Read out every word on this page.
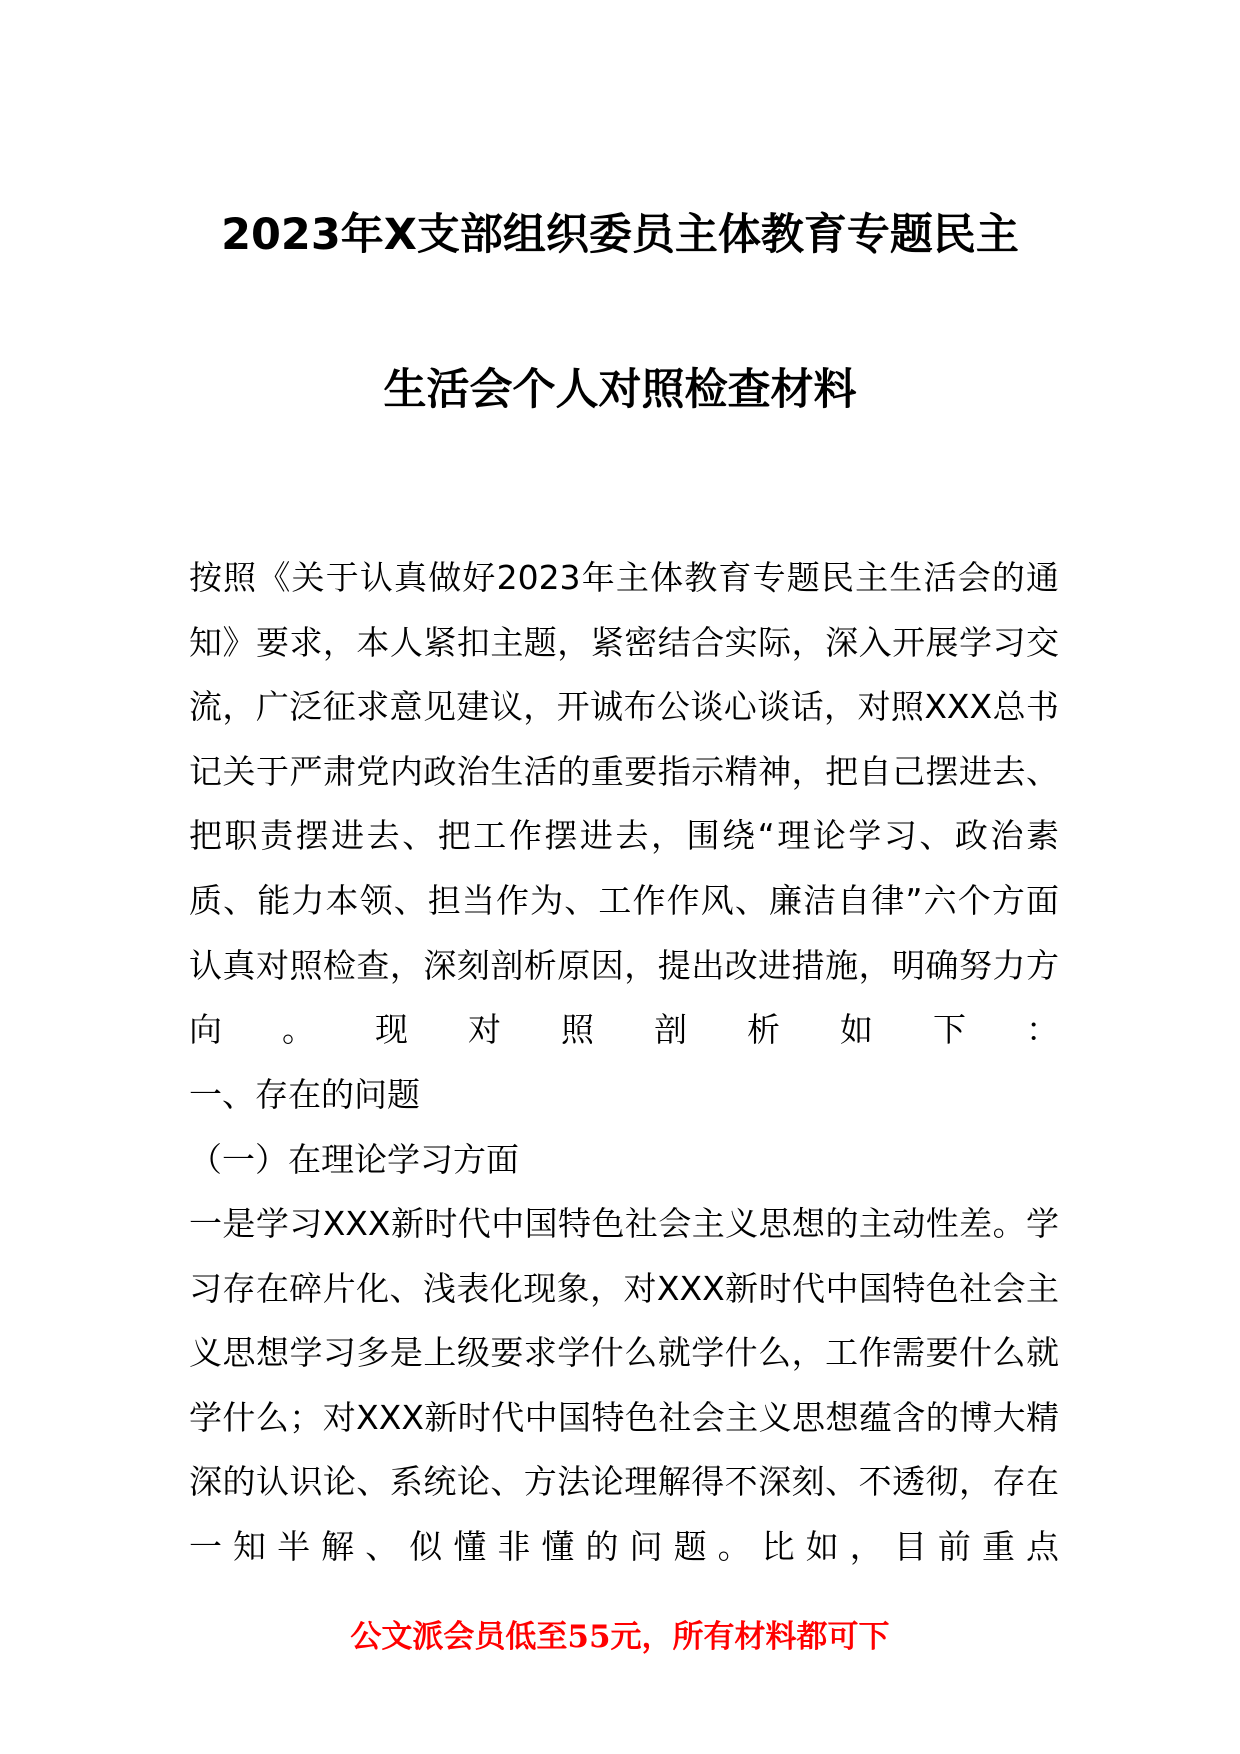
2023年X支部组织委员主体教育专题民主
生活会个人对照检查材料

按照《关于认真做好2023年主体教育专题民主生活会的通知》要求，本人紧扣主题，紧密结合实际，深入开展学习交流，广泛征求意见建议，开诚布公谈心谈话，对照XXX总书记关于严肃党内政治生活的重要指示精神，把自己摆进去、把职责摆进去、把工作摆进去，围绕“理论学习、政治素质、能力本领、担当作为、工作作风、廉洁自律”六个方面认真对照检查，深刻剖析原因，提出改进措施，明确努力方向。现对照剖析如下：

一、存在的问题

（一）在理论学习方面

一是学习XXX新时代中国特色社会主义思想的主动性差。学习存在碎片化、浅表化现象，对XXX新时代中国特色社会主义思想学习多是上级要求学什么就学什么，工作需要什么就学什么；对XXX新时代中国特色社会主义思想蕴含的博大精深的认识论、系统论、方法论理解得不深刻、不透彻，存在一知半解、似懂非懂的问题。比如，目前重点

公文派会员低至55元，所有材料都可下
